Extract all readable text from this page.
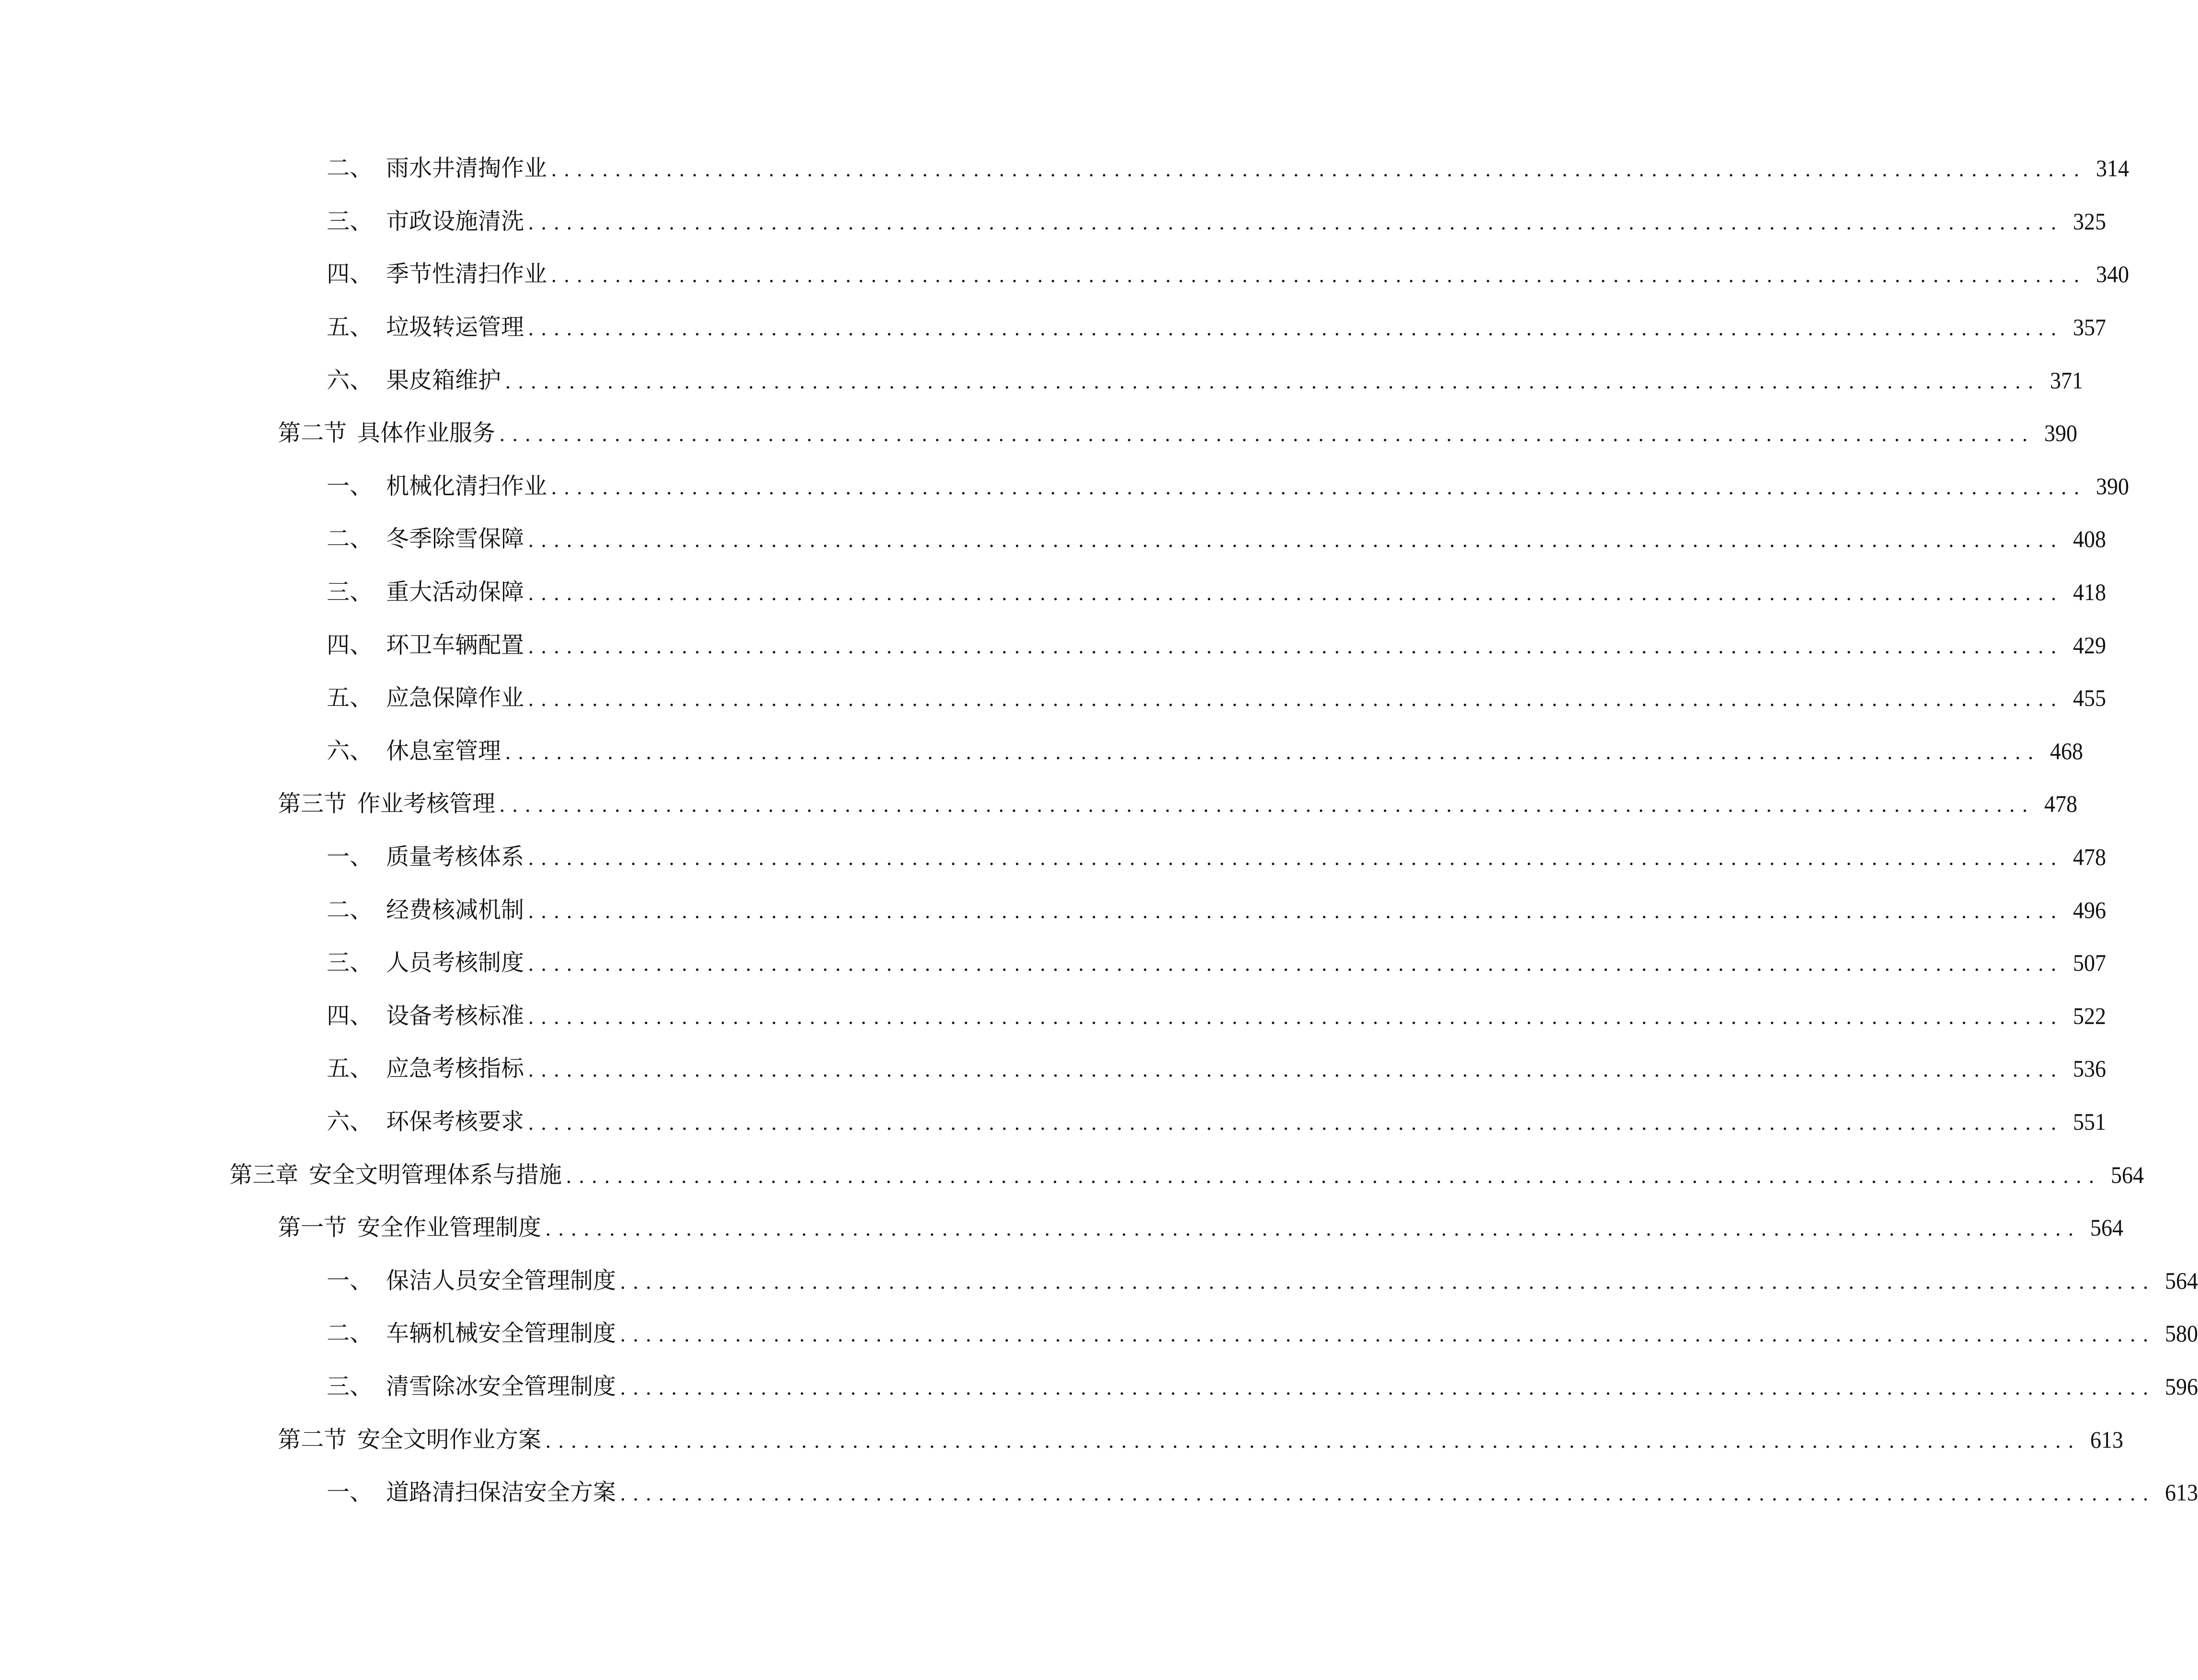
二、 雨水井清掏作业 ........................................................................................................................ 314
三、 市政设施清洗 ........................................................................................................................ 325
四、 季节性清扫作业 ........................................................................................................................ 340
五、 垃圾转运管理 ........................................................................................................................ 357
六、 果皮箱维护 ........................................................................................................................ 371
第二节 具体作业服务 ........................................................................................................................ 390
一、 机械化清扫作业 ........................................................................................................................ 390
二、 冬季除雪保障 ........................................................................................................................ 408
三、 重大活动保障 ........................................................................................................................ 418
四、 环卫车辆配置 ........................................................................................................................ 429
五、 应急保障作业 ........................................................................................................................ 455
六、 休息室管理 ........................................................................................................................ 468
第三节 作业考核管理 ........................................................................................................................ 478
一、 质量考核体系 ........................................................................................................................ 478
二、 经费核减机制 ........................................................................................................................ 496
三、 人员考核制度 ........................................................................................................................ 507
四、 设备考核标准 ........................................................................................................................ 522
五、 应急考核指标 ........................................................................................................................ 536
六、 环保考核要求 ........................................................................................................................ 551
第三章 安全文明管理体系与措施 ........................................................................................................................ 564
第一节 安全作业管理制度 ........................................................................................................................ 564
一、 保洁人员安全管理制度 ........................................................................................................................ 564
二、 车辆机械安全管理制度 ........................................................................................................................ 580
三、 清雪除冰安全管理制度 ........................................................................................................................ 596
第二节 安全文明作业方案 ........................................................................................................................ 613
一、 道路清扫保洁安全方案 ........................................................................................................................ 613
